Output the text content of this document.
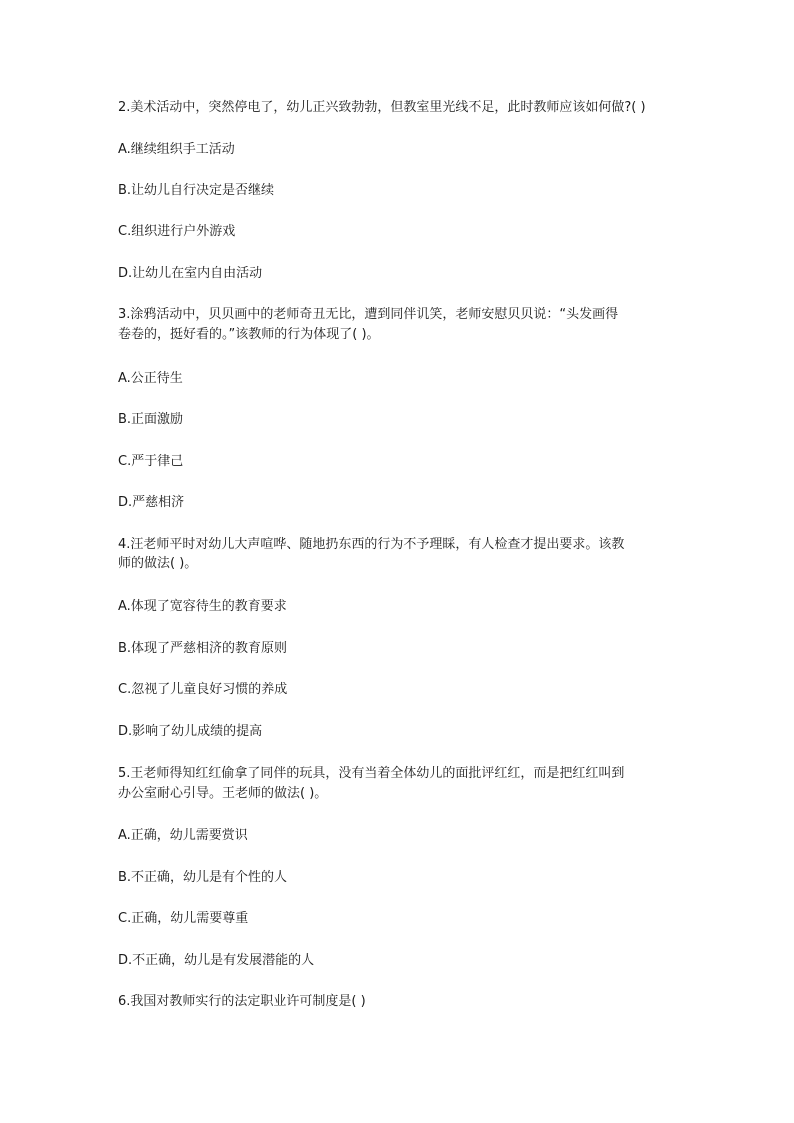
2.美术活动中，突然停电了，幼儿正兴致勃勃，但教室里光线不足，此时教师应该如何做?( )
A.继续组织手工活动
B.让幼儿自行决定是否继续
C.组织进行户外游戏
D.让幼儿在室内自由活动
3.涂鸦活动中，贝贝画中的老师奇丑无比，遭到同伴讥笑，老师安慰贝贝说：“头发画得
卷卷的，挺好看的。”该教师的行为体现了( )。
A.公正待生
B.正面激励
C.严于律己
D.严慈相济
4.汪老师平时对幼儿大声喧哗、随地扔东西的行为不予理睬，有人检查才提出要求。该教
师的做法( )。
A.体现了宽容待生的教育要求
B.体现了严慈相济的教育原则
C.忽视了儿童良好习惯的养成
D.影响了幼儿成绩的提高
5.王老师得知红红偷拿了同伴的玩具，没有当着全体幼儿的面批评红红，而是把红红叫到
办公室耐心引导。王老师的做法( )。
A.正确，幼儿需要赏识
B.不正确，幼儿是有个性的人
C.正确，幼儿需要尊重
D.不正确，幼儿是有发展潜能的人
6.我国对教师实行的法定职业许可制度是( )
